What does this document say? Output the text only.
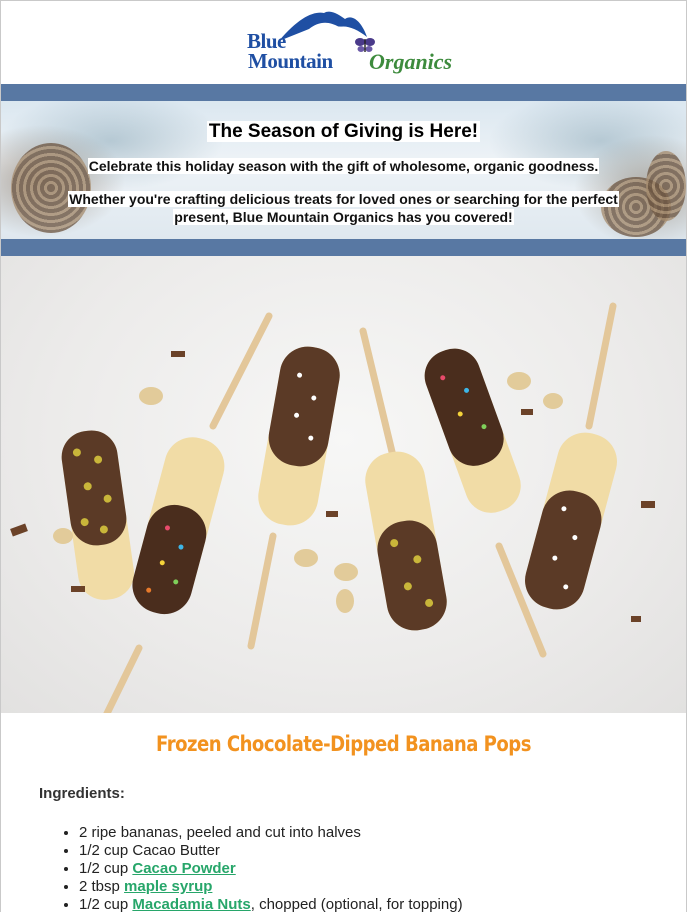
Blue
Mountain Organics
The Season of Giving is Here!
Celebrate this holiday season with the gift of wholesome, organic goodness.
Whether you're crafting delicious treats for loved ones or searching for the perfect
present, Blue Mountain Organics has you covered!
Frozen Chocolate-Dipped Banana Pops
Ingredients:
• 2 ripe bananas, peeled and cut into halves
• 1/2 cup Cacao Butter
• 1/2 cup Cacao Powder
• 2 tbsp maple syrup
• 1/2 cup Macadamia Nuts, chopped (optional, for topping)
